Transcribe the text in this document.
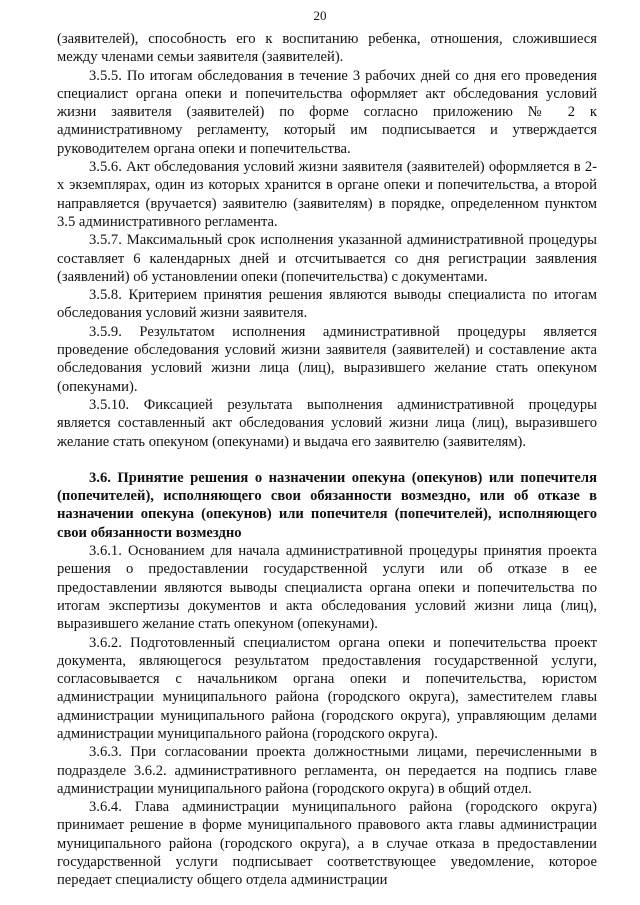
20

(заявителей), способность его к воспитанию ребенка, отношения, сложившиеся между членами семьи заявителя (заявителей).

3.5.5. По итогам обследования в течение 3 рабочих дней со дня его проведения специалист органа опеки и попечительства оформляет акт обследования условий жизни заявителя (заявителей) по форме согласно приложению № 2 к административному регламенту, который им подписывается и утверждается руководителем органа опеки и попечительства.

3.5.6. Акт обследования условий жизни заявителя (заявителей) оформляется в 2-х экземплярах, один из которых хранится в органе опеки и попечительства, а второй направляется (вручается) заявителю (заявителям) в порядке, определенном пунктом 3.5 административного регламента.

3.5.7. Максимальный срок исполнения указанной административной процедуры составляет 6 календарных дней и отсчитывается со дня регистрации заявления (заявлений) об установлении опеки (попечительства) с документами.

3.5.8. Критерием принятия решения являются выводы специалиста по итогам обследования условий жизни заявителя.

3.5.9. Результатом исполнения административной процедуры является проведение обследования условий жизни заявителя (заявителей) и составление акта обследования условий жизни лица (лиц), выразившего желание стать опекуном (опекунами).

3.5.10. Фиксацией результата выполнения административной процедуры является составленный акт обследования условий жизни лица (лиц), выразившего желание стать опекуном (опекунами) и выдача его заявителю (заявителям).

3.6. Принятие решения о назначении опекуна (опекунов) или попечителя (попечителей), исполняющего свои обязанности возмездно, или об отказе в назначении опекуна (опекунов) или попечителя (попечителей), исполняющего свои обязанности возмездно

3.6.1. Основанием для начала административной процедуры принятия проекта решения о предоставлении государственной услуги или об отказе в ее предоставлении являются выводы специалиста органа опеки и попечительства по итогам экспертизы документов и акта обследования условий жизни лица (лиц), выразившего желание стать опекуном (опекунами).

3.6.2. Подготовленный специалистом органа опеки и попечительства проект документа, являющегося результатом предоставления государственной услуги, согласовывается с начальником органа опеки и попечительства, юристом администрации муниципального района (городского округа), заместителем главы администрации муниципального района (городского округа), управляющим делами администрации муниципального района (городского округа).

3.6.3. При согласовании проекта должностными лицами, перечисленными в подразделе 3.6.2. административного регламента, он передается на подпись главе администрации муниципального района (городского округа) в общий отдел.

3.6.4. Глава администрации муниципального района (городского округа) принимает решение в форме муниципального правового акта главы администрации муниципального района (городского округа), а в случае отказа в предоставлении государственной услуги подписывает соответствующее уведомление, которое передает специалисту общего отдела администрации
